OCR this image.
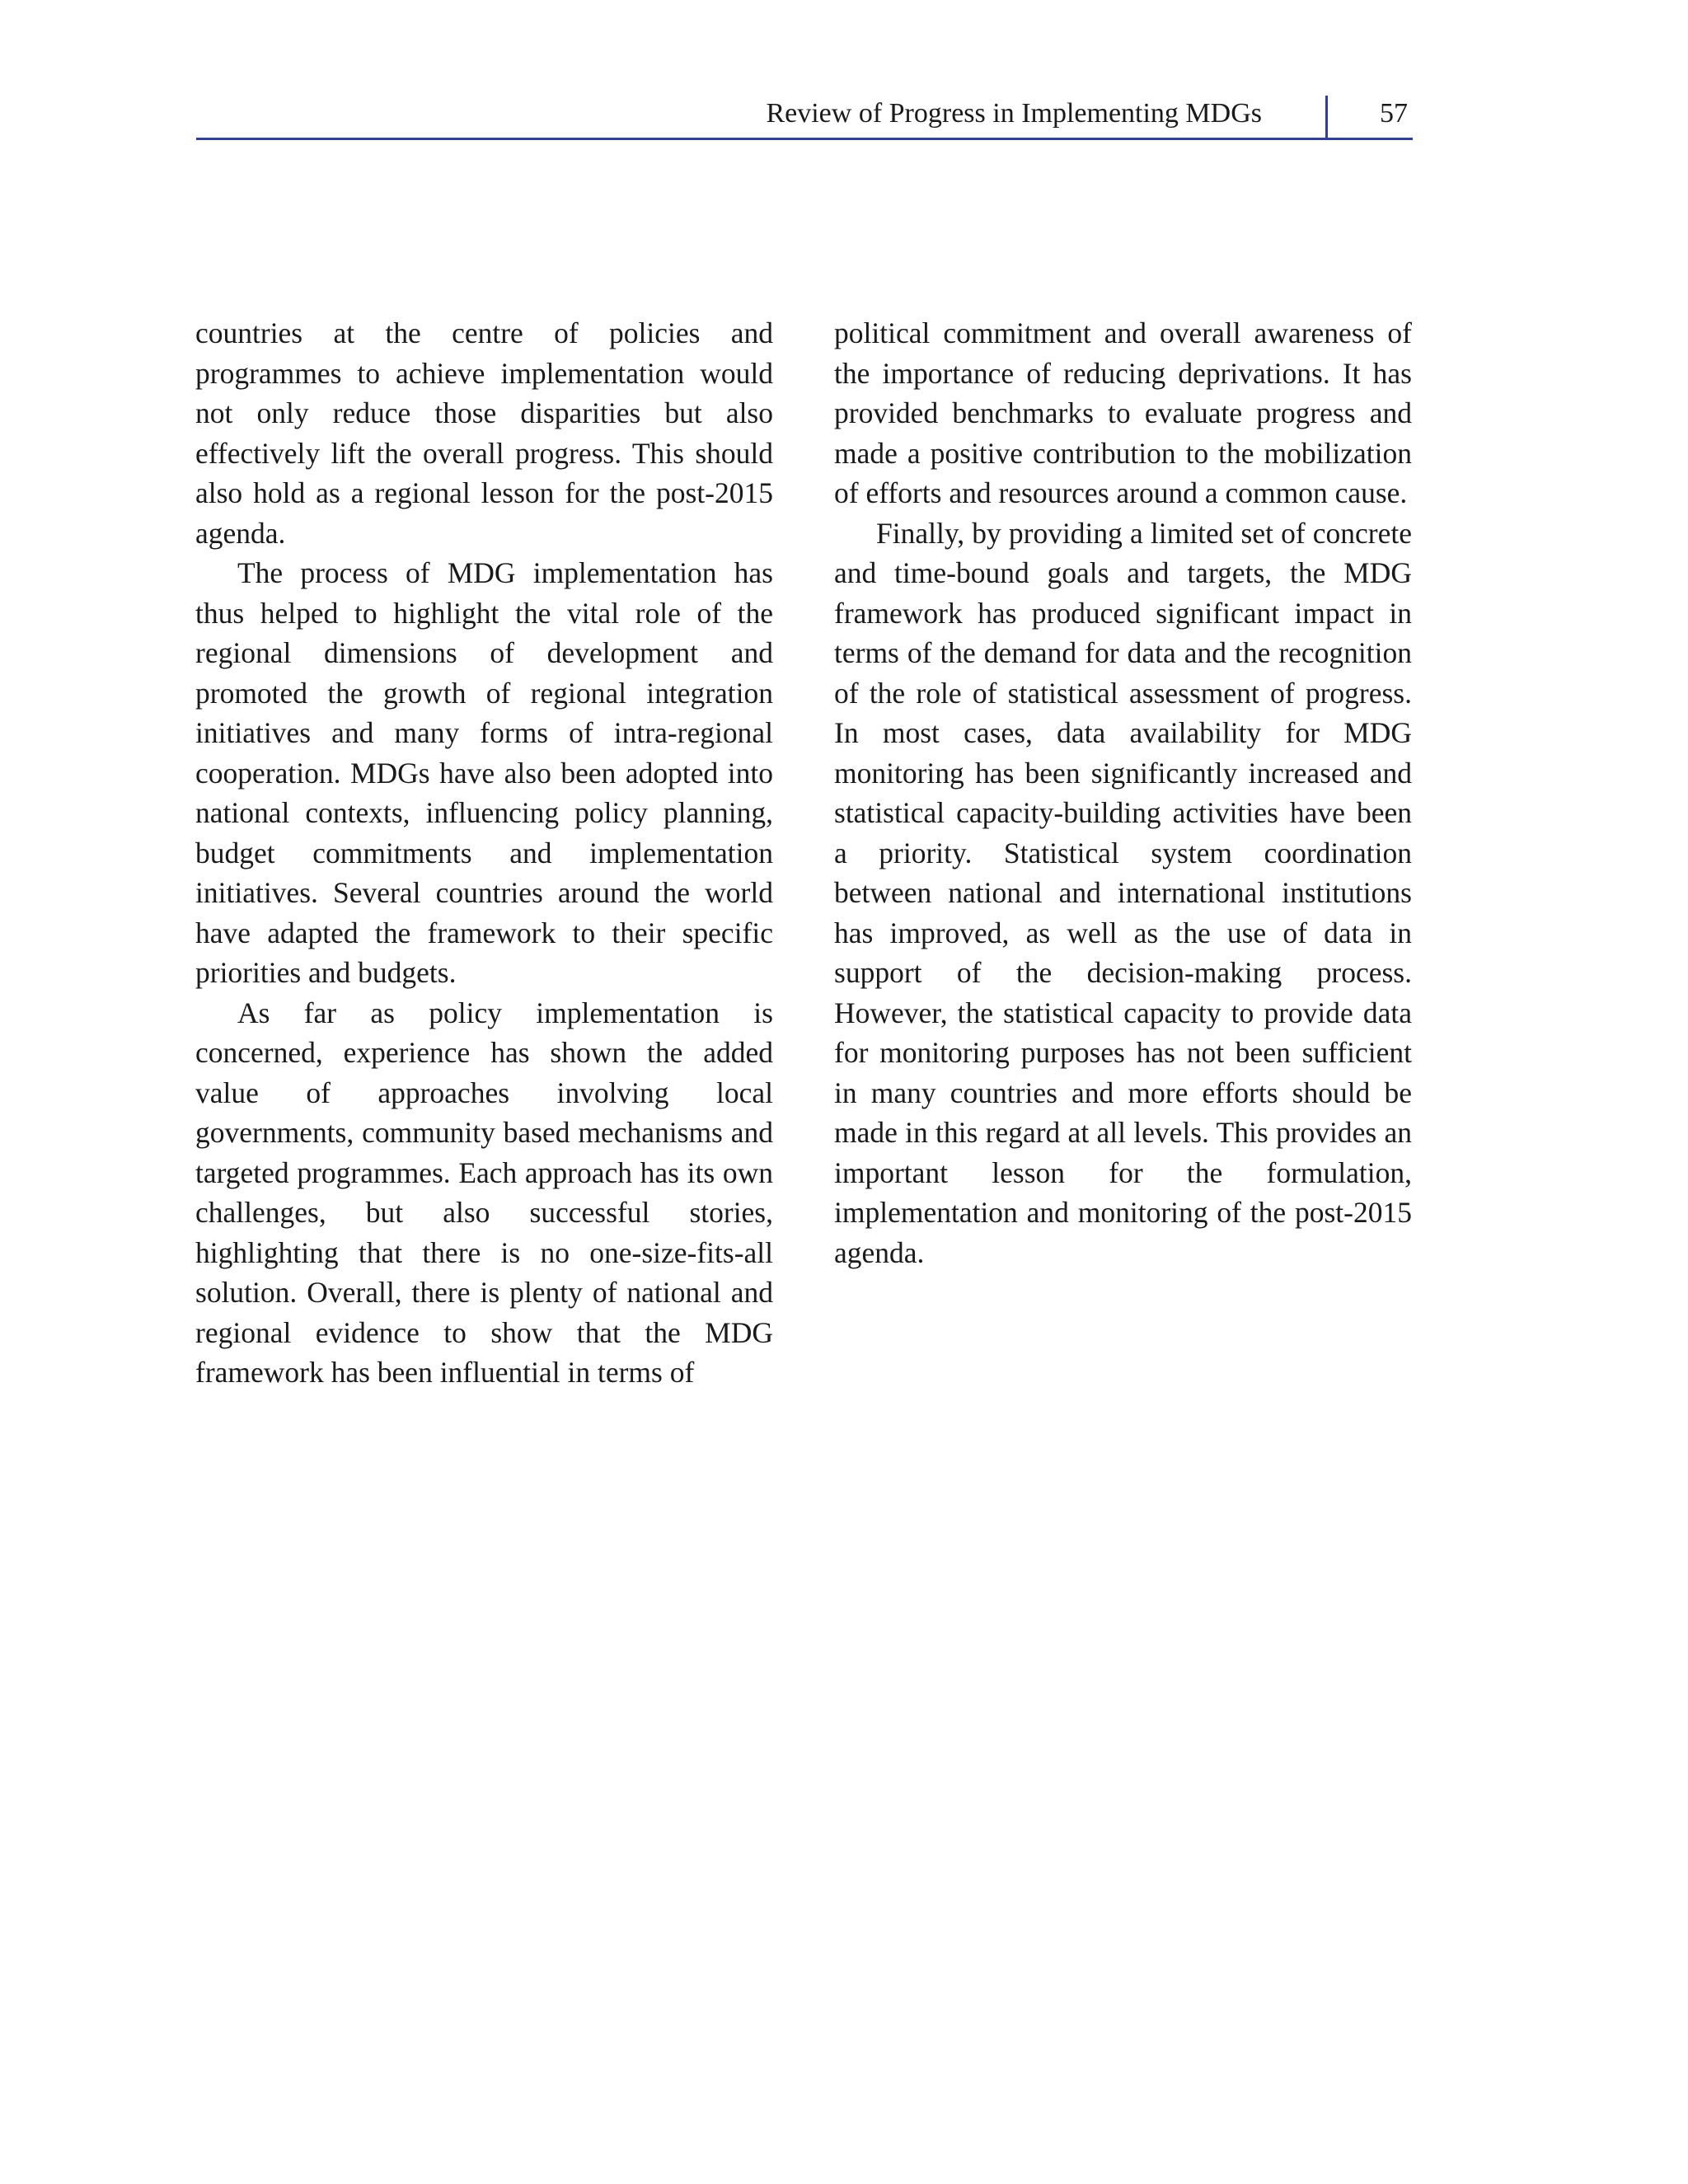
Review of Progress in Implementing MDGs	57

countries at the centre of policies and programmes to achieve implementation would not only reduce those disparities but also effectively lift the overall progress. This should also hold as a regional lesson for the post-2015 agenda.

The process of MDG implementation has thus helped to highlight the vital role of the regional dimensions of development and promoted the growth of regional integration initiatives and many forms of intra-regional cooperation. MDGs have also been adopted into national contexts, influencing policy planning, budget commitments and implementation initiatives. Several countries around the world have adapted the framework to their specific priorities and budgets.

As far as policy implementation is concerned, experience has shown the added value of approaches involving local governments, community based mechanisms and targeted programmes. Each approach has its own challenges, but also successful stories, highlighting that there is no one-size-fits-all solution. Overall, there is plenty of national and regional evidence to show that the MDG framework has been influential in terms of

political commitment and overall awareness of the importance of reducing deprivations. It has provided benchmarks to evaluate progress and made a positive contribution to the mobilization of efforts and resources around a common cause.

Finally, by providing a limited set of concrete and time-bound goals and targets, the MDG framework has produced significant impact in terms of the demand for data and the recognition of the role of statistical assessment of progress. In most cases, data availability for MDG monitoring has been significantly increased and statistical capacity-building activities have been a priority. Statistical system coordination between national and international institutions has improved, as well as the use of data in support of the decision-making process. However, the statistical capacity to provide data for monitoring purposes has not been sufficient in many countries and more efforts should be made in this regard at all levels. This provides an important lesson for the formulation, implementation and monitoring of the post-2015 agenda.
